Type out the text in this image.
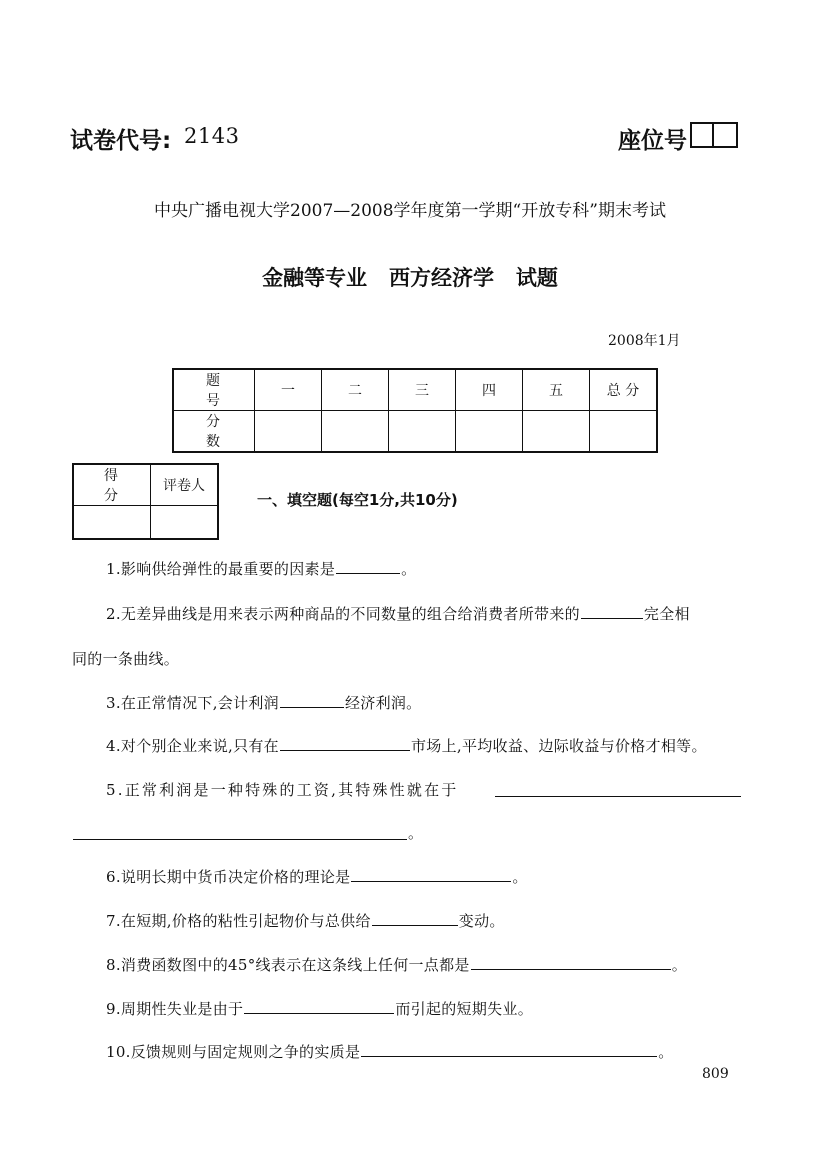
试卷代号: 2143	座位号
中央广播电视大学2007—2008学年度第一学期“开放专科”期末考试
金融等专业   西方经济学   试题
2008年1月
题 号	一	二	三	四	五	总 分
分 数						
得 分	评卷人

一、填空题(每空1分,共10分)
1.影响供给弹性的最重要的因素是	。
2.无差异曲线是用来表示两种商品的不同数量的组合给消费者所带来的	完全相
同的一条曲线。
3.在正常情况下,会计利润	经济利润。
4.对个别企业来说,只有在	市场上,平均收益、边际收益与价格才相等。
5.正常利润是一种特殊的工资,其特殊性就在于
。
6.说明长期中货币决定价格的理论是	。
7.在短期,价格的粘性引起物价与总供给	变动。
8.消费函数图中的45°线表示在这条线上任何一点都是	。
9.周期性失业是由于	而引起的短期失业。
10.反馈规则与固定规则之争的实质是	。
809
